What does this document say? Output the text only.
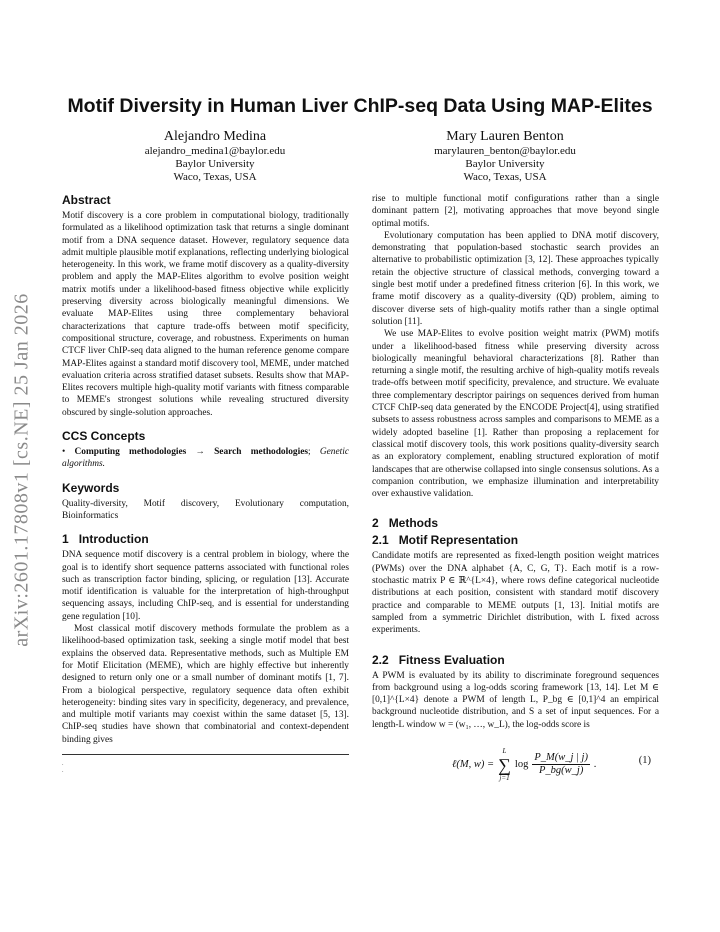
arXiv:2601.17808v1 [cs.NE] 25 Jan 2026
Motif Diversity in Human Liver ChIP-seq Data Using MAP-Elites
Alejandro Medina
alejandro_medina1@baylor.edu
Baylor University
Waco, Texas, USA
Mary Lauren Benton
marylauren_benton@baylor.edu
Baylor University
Waco, Texas, USA
Abstract

Motif discovery is a core problem in computational biology, traditionally formulated as a likelihood optimization task that returns a single dominant motif from a DNA sequence dataset. However, regulatory sequence data admit multiple plausible motif explanations, reflecting underlying biological heterogeneity. In this work, we frame motif discovery as a quality-diversity problem and apply the MAP-Elites algorithm to evolve position weight matrix motifs under a likelihood-based fitness objective while explicitly preserving diversity across biologically meaningful dimensions. We evaluate MAP-Elites using three complementary behavioral characterizations that capture trade-offs between motif specificity, compositional structure, coverage, and robustness. Experiments on human CTCF liver ChIP-seq data aligned to the human reference genome compare MAP-Elites against a standard motif discovery tool, MEME, under matched evaluation criteria across stratified dataset subsets. Results show that MAP-Elites recovers multiple high-quality motif variants with fitness comparable to MEME's strongest solutions while revealing structured diversity obscured by single-solution approaches.

CCS Concepts

• Computing methodologies → Search methodologies; Genetic algorithms.

Keywords

Quality-diversity, Motif discovery, Evolutionary computation, Bioinformatics

1 Introduction

DNA sequence motif discovery is a central problem in biology, where the goal is to identify short sequence patterns associated with functional roles such as transcription factor binding, splicing, or regulation [13]. Accurate motif identification is valuable for the interpretation of high-throughput sequencing assays, including ChIP-seq, and is essential for understanding gene regulation [10].

Most classical motif discovery methods formulate the problem as a likelihood-based optimization task, seeking a single motif model that best explains the observed data. Representative methods, such as Multiple EM for Motif Elicitation (MEME), which are highly effective but inherently designed to return only one or a small number of dominant motifs [1, 7]. From a biological perspective, regulatory sequence data often exhibit heterogeneity: binding sites vary in specificity, degeneracy, and prevalence, and multiple motif variants may coexist within the same dataset [5, 13]. ChIP-seq studies have shown that combinatorial and context-dependent binding gives

.
.

rise to multiple functional motif configurations rather than a single dominant pattern [2], motivating approaches that move beyond single optimal motifs.

Evolutionary computation has been applied to DNA motif discovery, demonstrating that population-based stochastic search provides an alternative to probabilistic optimization [3, 12]. These approaches typically retain the objective structure of classical methods, converging toward a single best motif under a predefined fitness criterion [6]. In this work, we frame motif discovery as a quality-diversity (QD) problem, aiming to discover diverse sets of high-quality motifs rather than a single optimal solution [11].

We use MAP-Elites to evolve position weight matrix (PWM) motifs under a likelihood-based fitness while preserving diversity across biologically meaningful behavioral characterizations [8]. Rather than returning a single motif, the resulting archive of high-quality motifs reveals trade-offs between motif specificity, prevalence, and structure. We evaluate three complementary descriptor pairings on sequences derived from human CTCF ChIP-seq data generated by the ENCODE Project[4], using stratified subsets to assess robustness across samples and comparisons to MEME as a widely adopted baseline [1]. Rather than proposing a replacement for classical motif discovery tools, this work positions quality-diversity search as an exploratory complement, enabling structured exploration of motif landscapes that are otherwise collapsed into single consensus solutions. As a companion contribution, we emphasize illumination and interpretability over exhaustive validation.

2 Methods
2.1 Motif Representation

Candidate motifs are represented as fixed-length position weight matrices (PWMs) over the DNA alphabet {A, C, G, T}. Each motif is a row-stochastic matrix P ∈ ℝ^{L×4}, where rows define categorical nucleotide distributions at each position, consistent with standard motif discovery practice and comparable to MEME outputs [1, 13]. Initial motifs are sampled from a symmetric Dirichlet distribution, with L fixed across experiments.

2.2 Fitness Evaluation

A PWM is evaluated by its ability to discriminate foreground sequences from background using a log-odds scoring framework [13, 14]. Let M ∈ [0,1]^{L×4} denote a PWM of length L, P_bg ∈ [0,1]^4 an empirical background nucleotide distribution, and S a set of input sequences. For a length-L window w = (w₁, …, w_L), the log-odds score is

ℓ(M, w) =
L
∑
j=1
$\log \frac{P\_M(w\_j | j)}{P\_bg(w\_j)}$ .	(1)
